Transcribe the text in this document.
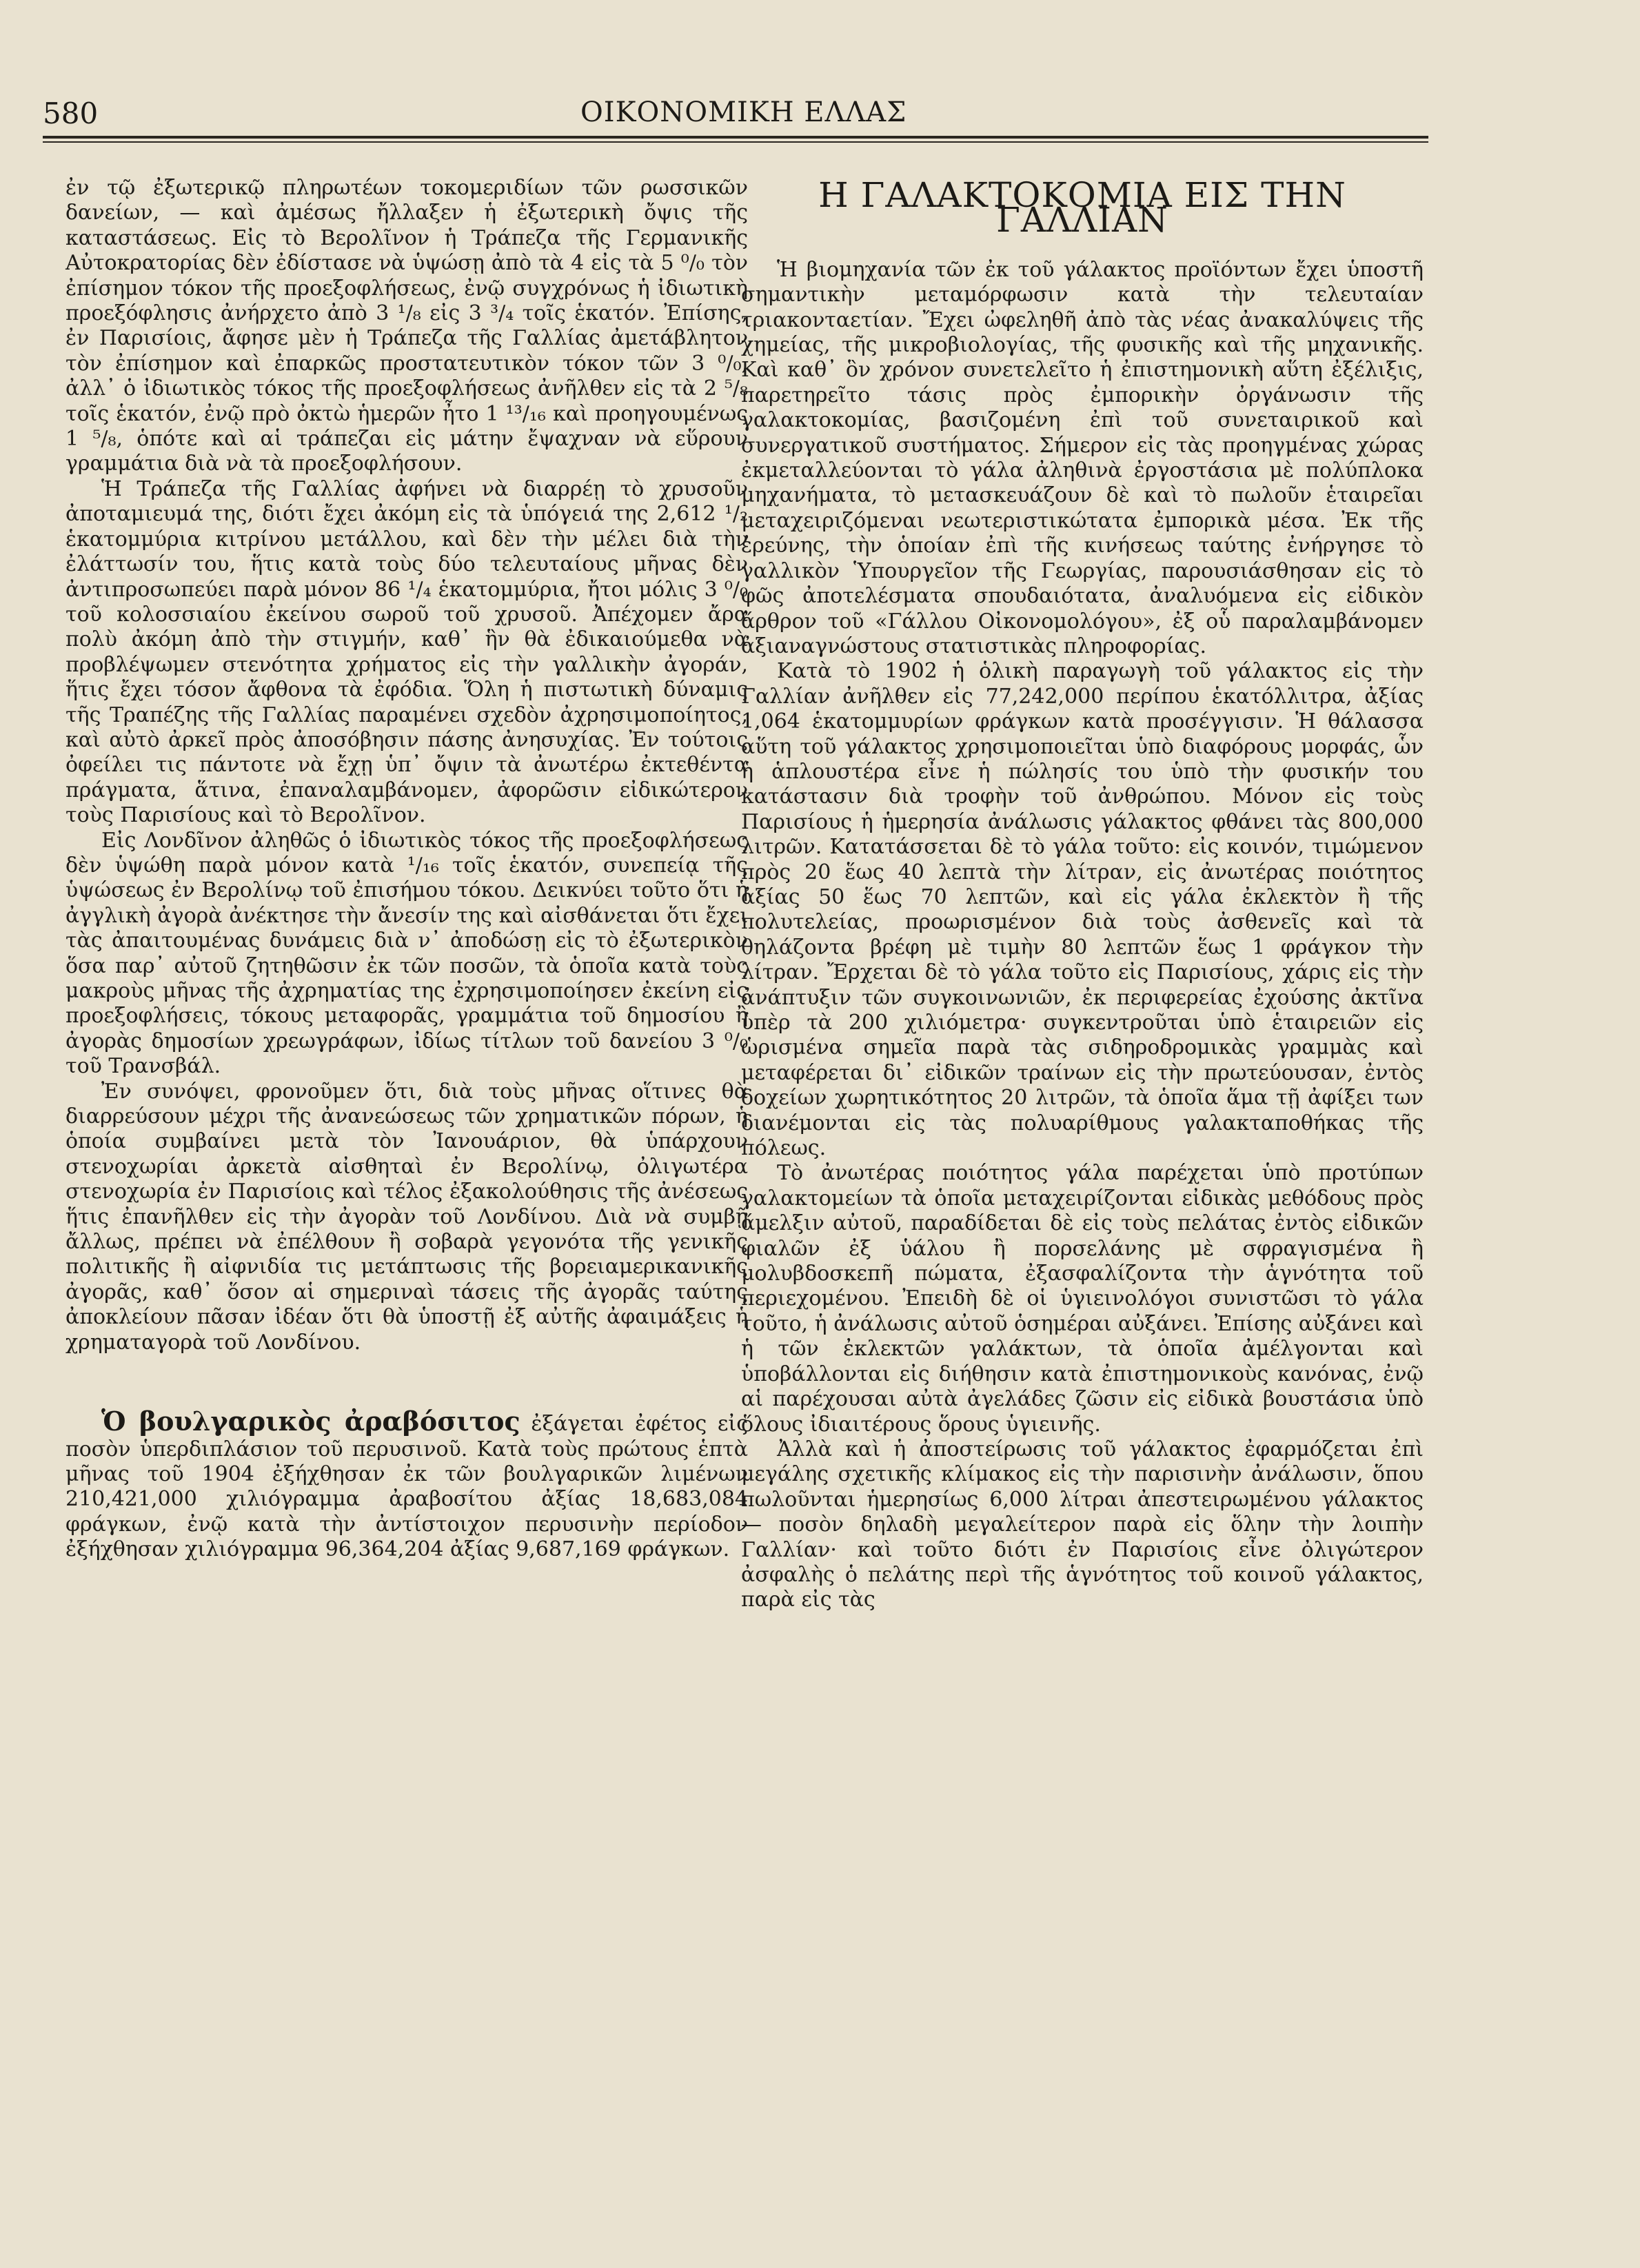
580	ΟΙΚΟΝΟΜΙΚΗ ΕΛΛΑΣ

ἐν τῷ ἐξωτερικῷ πληρωτέων τοκομεριδίων τῶν ρωσσικῶν δανείων, — καὶ ἀμέσως ἤλλαξεν ἡ ἐξωτερικὴ ὄψις τῆς καταστάσεως. Εἰς τὸ Βερολῖνον ἡ Τράπεζα τῆς Γερμανικῆς Αὐτοκρατορίας δὲν ἐδίστασε νὰ ὑψώσῃ ἀπὸ τὰ 4 εἰς τὰ 5 ⁰/₀ τὸν ἐπίσημον τόκον τῆς προεξοφλήσεως, ἐνῷ συγχρόνως ἡ ἰδιωτικὴ προεξόφλησις ἀνήρχετο ἀπὸ 3 ¹/₈ εἰς 3 ³/₄ τοῖς ἑκατόν. Ἐπίσης, ἐν Παρισίοις, ἄφησε μὲν ἡ Τράπεζα τῆς Γαλλίας ἀμετάβλητον τὸν ἐπίσημον καὶ ἐπαρκῶς προστατευτικὸν τόκον τῶν 3 ⁰/₀, ἀλλ᾽ ὁ ἰδιωτικὸς τόκος τῆς προεξοφλήσεως ἀνῆλθεν εἰς τὰ 2 ⁵/₈ τοῖς ἑκατόν, ἐνῷ πρὸ ὀκτὼ ἡμερῶν ἦτο 1 ¹³/₁₆ καὶ προηγουμένως 1 ⁵/₈, ὁπότε καὶ αἱ τράπεζαι εἰς μάτην ἔψαχναν νὰ εὕρουν γραμμάτια διὰ νὰ τὰ προεξοφλήσουν.

Ἡ Τράπεζα τῆς Γαλλίας ἀφήνει νὰ διαρρέῃ τὸ χρυσοῦν ἀποταμιευμά της, διότι ἔχει ἀκόμη εἰς τὰ ὑπόγειά της 2,612 ¹/₂ ἑκατομμύρια κιτρίνου μετάλλου, καὶ δὲν τὴν μέλει διὰ τὴν ἐλάττωσίν του, ἥτις κατὰ τοὺς δύο τελευταίους μῆνας δὲν ἀντιπροσωπεύει παρὰ μόνον 86 ¹/₄ ἑκατομμύρια, ἤτοι μόλις 3 ⁰/₀ τοῦ κολοσσιαίου ἐκείνου σωροῦ τοῦ χρυσοῦ. Ἀπέχομεν ἄρα πολὺ ἀκόμη ἀπὸ τὴν στιγμήν, καθ᾽ ἣν θὰ ἐδικαιούμεθα νὰ προβλέψωμεν στενότητα χρήματος εἰς τὴν γαλλικὴν ἀγοράν, ἥτις ἔχει τόσον ἄφθονα τὰ ἐφόδια. Ὅλη ἡ πιστωτικὴ δύναμις τῆς Τραπέζης τῆς Γαλλίας παραμένει σχεδὸν ἀχρησιμοποίητος, καὶ αὐτὸ ἀρκεῖ πρὸς ἀποσόβησιν πάσης ἀνησυχίας. Ἐν τούτοις ὀφείλει τις πάντοτε νὰ ἔχῃ ὑπ᾽ ὄψιν τὰ ἀνωτέρω ἐκτεθέντα πράγματα, ἅτινα, ἐπαναλαμβάνομεν, ἀφορῶσιν εἰδικώτερον τοὺς Παρισίους καὶ τὸ Βερολῖνον.

Εἰς Λονδῖνον ἀληθῶς ὁ ἰδιωτικὸς τόκος τῆς προεξοφλήσεως δὲν ὑψώθη παρὰ μόνον κατὰ ¹/₁₆ τοῖς ἑκατόν, συνεπείᾳ τῆς ὑψώσεως ἐν Βερολίνῳ τοῦ ἐπισήμου τόκου. Δεικνύει τοῦτο ὅτι ἡ ἀγγλικὴ ἀγορὰ ἀνέκτησε τὴν ἄνεσίν της καὶ αἰσθάνεται ὅτι ἔχει τὰς ἀπαιτουμένας δυνάμεις διὰ ν᾽ ἀποδώσῃ εἰς τὸ ἐξωτερικὸν ὅσα παρ᾽ αὐτοῦ ζητηθῶσιν ἐκ τῶν ποσῶν, τὰ ὁποῖα κατὰ τοὺς μακροὺς μῆνας τῆς ἀχρηματίας της ἐχρησιμοποίησεν ἐκείνη εἰς προεξοφλήσεις, τόκους μεταφορᾶς, γραμμάτια τοῦ δημοσίου ἢ ἀγορὰς δημοσίων χρεωγράφων, ἰδίως τίτλων τοῦ δανείου 3 ⁰/₀ τοῦ Τρανσβάλ.

Ἐν συνόψει, φρονοῦμεν ὅτι, διὰ τοὺς μῆνας οἵτινες θὰ διαρρεύσουν μέχρι τῆς ἀνανεώσεως τῶν χρηματικῶν πόρων, ἡ ὁποία συμβαίνει μετὰ τὸν Ἰανουάριον, θὰ ὑπάρχουν στενοχωρίαι ἀρκετὰ αἰσθηταὶ ἐν Βερολίνῳ, ὀλιγωτέρα στενοχωρία ἐν Παρισίοις καὶ τέλος ἐξακολούθησις τῆς ἀνέσεως ἥτις ἐπανῆλθεν εἰς τὴν ἀγορὰν τοῦ Λονδίνου. Διὰ νὰ συμβῇ ἄλλως, πρέπει νὰ ἐπέλθουν ἢ σοβαρὰ γεγονότα τῆς γενικῆς πολιτικῆς ἢ αἰφνιδία τις μετάπτωσις τῆς βορειαμερικανικῆς ἀγορᾶς, καθ᾽ ὅσον αἱ σημεριναὶ τάσεις τῆς ἀγορᾶς ταύτης ἀποκλείουν πᾶσαν ἰδέαν ὅτι θὰ ὑποστῇ ἐξ αὐτῆς ἀφαιμάξεις ἡ χρηματαγορὰ τοῦ Λονδίνου.

Ὁ βουλγαρικὸς ἀραβόσιτος ἐξάγεται ἐφέτος εἰς ποσὸν ὑπερδιπλάσιον τοῦ περυσινοῦ. Κατὰ τοὺς πρώτους ἑπτὰ μῆνας τοῦ 1904 ἐξήχθησαν ἐκ τῶν βουλγαρικῶν λιμένων 210,421,000 χιλιόγραμμα ἀραβοσίτου ἀξίας 18,683,084 φράγκων, ἐνῷ κατὰ τὴν ἀντίστοιχον περυσινὴν περίοδον ἐξήχθησαν χιλιόγραμμα 96,364,204 ἀξίας 9,687,169 φράγκων.

Η ΓΑΛΑΚΤΟΚΟΜΙΑ ΕΙΣ ΤΗΝ ΓΑΛΛΙΑΝ

Ἡ βιομηχανία τῶν ἐκ τοῦ γάλακτος προϊόντων ἔχει ὑποστῆ σημαντικὴν μεταμόρφωσιν κατὰ τὴν τελευταίαν τριακονταετίαν. Ἔχει ὠφεληθῆ ἀπὸ τὰς νέας ἀνακαλύψεις τῆς χημείας, τῆς μικροβιολογίας, τῆς φυσικῆς καὶ τῆς μηχανικῆς. Καὶ καθ᾽ ὃν χρόνον συνετελεῖτο ἡ ἐπιστημονικὴ αὕτη ἐξέλιξις, παρετηρεῖτο τάσις πρὸς ἐμπορικὴν ὀργάνωσιν τῆς γαλακτοκομίας, βασιζομένη ἐπὶ τοῦ συνεταιρικοῦ καὶ συνεργατικοῦ συστήματος. Σήμερον εἰς τὰς προηγμένας χώρας ἐκμεταλλεύονται τὸ γάλα ἀληθινὰ ἐργοστάσια μὲ πολύπλοκα μηχανήματα, τὸ μετασκευάζουν δὲ καὶ τὸ πωλοῦν ἑταιρεῖαι μεταχειριζόμεναι νεωτεριστικώτατα ἐμπορικὰ μέσα. Ἐκ τῆς ἐρεύνης, τὴν ὁποίαν ἐπὶ τῆς κινήσεως ταύτης ἐνήργησε τὸ γαλλικὸν Ὑπουργεῖον τῆς Γεωργίας, παρουσιάσθησαν εἰς τὸ φῶς ἀποτελέσματα σπουδαιότατα, ἀναλυόμενα εἰς εἰδικὸν ἄρθρον τοῦ «Γάλλου Οἰκονομολόγου», ἐξ οὗ παραλαμβάνομεν ἀξιαναγνώστους στατιστικὰς πληροφορίας.

Κατὰ τὸ 1902 ἡ ὁλικὴ παραγωγὴ τοῦ γάλακτος εἰς τὴν Γαλλίαν ἀνῆλθεν εἰς 77,242,000 περίπου ἑκατόλλιτρα, ἀξίας 1,064 ἑκατομμυρίων φράγκων κατὰ προσέγγισιν. Ἡ θάλασσα αὕτη τοῦ γάλακτος χρησιμοποιεῖται ὑπὸ διαφόρους μορφάς, ὧν ἡ ἁπλουστέρα εἶνε ἡ πώλησίς του ὑπὸ τὴν φυσικήν του κατάστασιν διὰ τροφὴν τοῦ ἀνθρώπου. Μόνον εἰς τοὺς Παρισίους ἡ ἡμερησία ἀνάλωσις γάλακτος φθάνει τὰς 800,000 λιτρῶν. Κατατάσσεται δὲ τὸ γάλα τοῦτο: εἰς κοινόν, τιμώμενον πρὸς 20 ἕως 40 λεπτὰ τὴν λίτραν, εἰς ἀνωτέρας ποιότητος ἀξίας 50 ἕως 70 λεπτῶν, καὶ εἰς γάλα ἐκλεκτὸν ἢ τῆς πολυτελείας, προωρισμένον διὰ τοὺς ἀσθενεῖς καὶ τὰ θηλάζοντα βρέφη μὲ τιμὴν 80 λεπτῶν ἕως 1 φράγκον τὴν λίτραν. Ἔρχεται δὲ τὸ γάλα τοῦτο εἰς Παρισίους, χάρις εἰς τὴν ἀνάπτυξιν τῶν συγκοινωνιῶν, ἐκ περιφερείας ἐχούσης ἀκτῖνα ὑπὲρ τὰ 200 χιλιόμετρα· συγκεντροῦται ὑπὸ ἑταιρειῶν εἰς ὡρισμένα σημεῖα παρὰ τὰς σιδηροδρομικὰς γραμμὰς καὶ μεταφέρεται δι᾽ εἰδικῶν τραίνων εἰς τὴν πρωτεύουσαν, ἐντὸς δοχείων χωρητικότητος 20 λιτρῶν, τὰ ὁποῖα ἅμα τῇ ἀφίξει των διανέμονται εἰς τὰς πολυαρίθμους γαλακταποθήκας τῆς πόλεως.

Τὸ ἀνωτέρας ποιότητος γάλα παρέχεται ὑπὸ προτύπων γαλακτομείων τὰ ὁποῖα μεταχειρίζονται εἰδικὰς μεθόδους πρὸς ἄμελξιν αὐτοῦ, παραδίδεται δὲ εἰς τοὺς πελάτας ἐντὸς εἰδικῶν φιαλῶν ἐξ ὑάλου ἢ πορσελάνης μὲ σφραγισμένα ἢ μολυβδοσκεπῆ πώματα, ἐξασφαλίζοντα τὴν ἁγνότητα τοῦ περιεχομένου. Ἐπειδὴ δὲ οἱ ὑγιεινολόγοι συνιστῶσι τὸ γάλα τοῦτο, ἡ ἀνάλωσις αὐτοῦ ὁσημέραι αὐξάνει. Ἐπίσης αὐξάνει καὶ ἡ τῶν ἐκλεκτῶν γαλάκτων, τὰ ὁποῖα ἀμέλγονται καὶ ὑποβάλλονται εἰς διήθησιν κατὰ ἐπιστημονικοὺς κανόνας, ἐνῷ αἱ παρέχουσαι αὐτὰ ἀγελάδες ζῶσιν εἰς εἰδικὰ βουστάσια ὑπὸ ὅλους ἰδιαιτέρους ὅρους ὑγιεινῆς.

Ἀλλὰ καὶ ἡ ἀποστείρωσις τοῦ γάλακτος ἐφαρμόζεται ἐπὶ μεγάλης σχετικῆς κλίμακος εἰς τὴν παρισινὴν ἀνάλωσιν, ὅπου πωλοῦνται ἡμερησίως 6,000 λίτραι ἀπεστειρωμένου γάλακτος — ποσὸν δηλαδὴ μεγαλείτερον παρὰ εἰς ὅλην τὴν λοιπὴν Γαλλίαν· καὶ τοῦτο διότι ἐν Παρισίοις εἶνε ὀλιγώτερον ἀσφαλὴς ὁ πελάτης περὶ τῆς ἁγνότητος τοῦ κοινοῦ γάλακτος, παρὰ εἰς τὰς
